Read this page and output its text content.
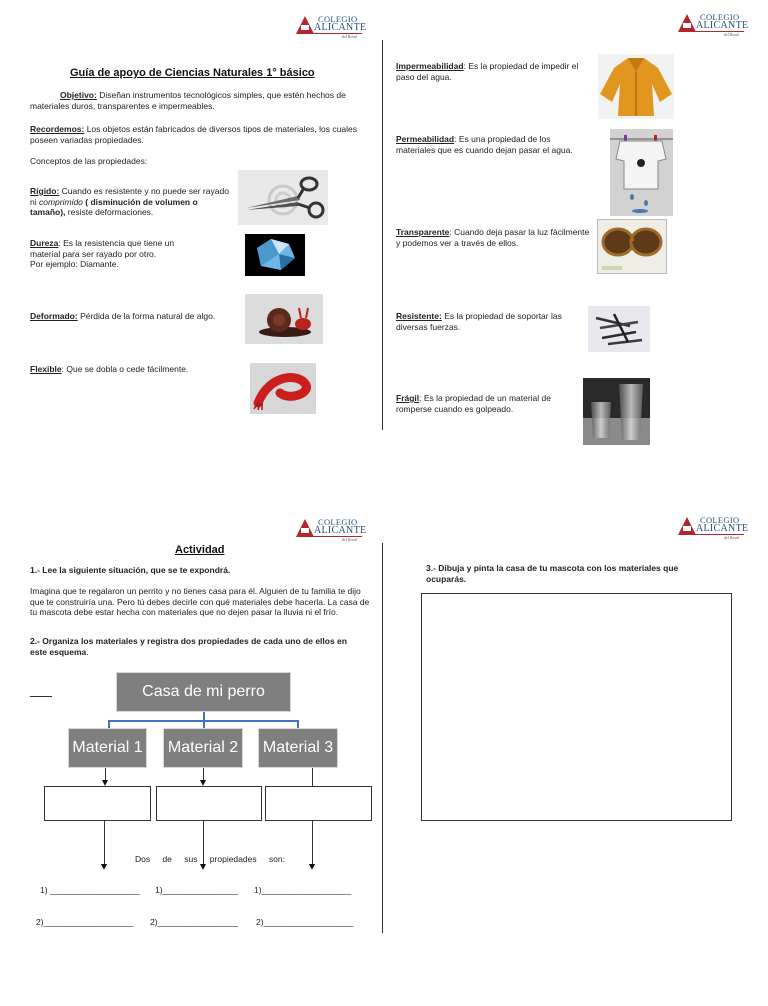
COLEGIO
ALICANTE
del Rosal
COLEGIO
ALICANTE
del Rosal
COLEGIO
ALICANTE
del Rosal
COLEGIO
ALICANTE
del Rosal
Guía de apoyo de Ciencias Naturales 1° básico
Objetivo: Diseñan instrumentos tecnológicos simples, que estén hechos de materiales duros, transparentes e impermeables.
Recordemos: Los objetos están fabricados de diversos tipos de materiales, los cuales poseen variadas propiedades.
Conceptos de las propiedades:
Rígido: Cuando es resistente y no puede ser rayado ni comprimido ( disminución de volumen o tamaño), resiste deformaciones.
Dureza: Es la resistencia que tiene un material para ser rayado por otro.
Por ejemplo: Diamante.
Deformado: Pérdida de la forma natural de algo.
Flexible: Que se dobla o cede fácilmente.
Impermeabilidad: Es la propiedad de impedir el paso del agua.
Permeabilidad: Es una propiedad de los materiales que es cuando dejan pasar el agua.
Transparente: Cuando deja pasar la luz fácilmente y podemos ver a través de ellos.
Resistente: Es la propiedad de soportar las diversas fuerzas.
Frágil: Es la propiedad de un material de romperse cuando es golpeado.
Actividad
1.- Lee la siguiente situación, que se te expondrá.
Imagina que te regalaron un perrito y no tienes casa para él. Alguien de tu familia te dijo que te construiría una. Pero tú debes decirle con qué materiales debe hacerla. La casa de tu mascota debe estar hecha con materiales que no dejen pasar la lluvia ni el frío.
2.- Organiza los materiales y registra dos propiedades de cada uno de ellos en este esquema.
Casa de mi perro
Material 1	Material 2	Material 3
Dos de sus propiedades son:
1) ___________________ 1)________________ 1)___________________
2)___________________ 2)_________________ 2)___________________
3.- Dibuja y pinta la casa de tu mascota con los materiales que ocuparás.
